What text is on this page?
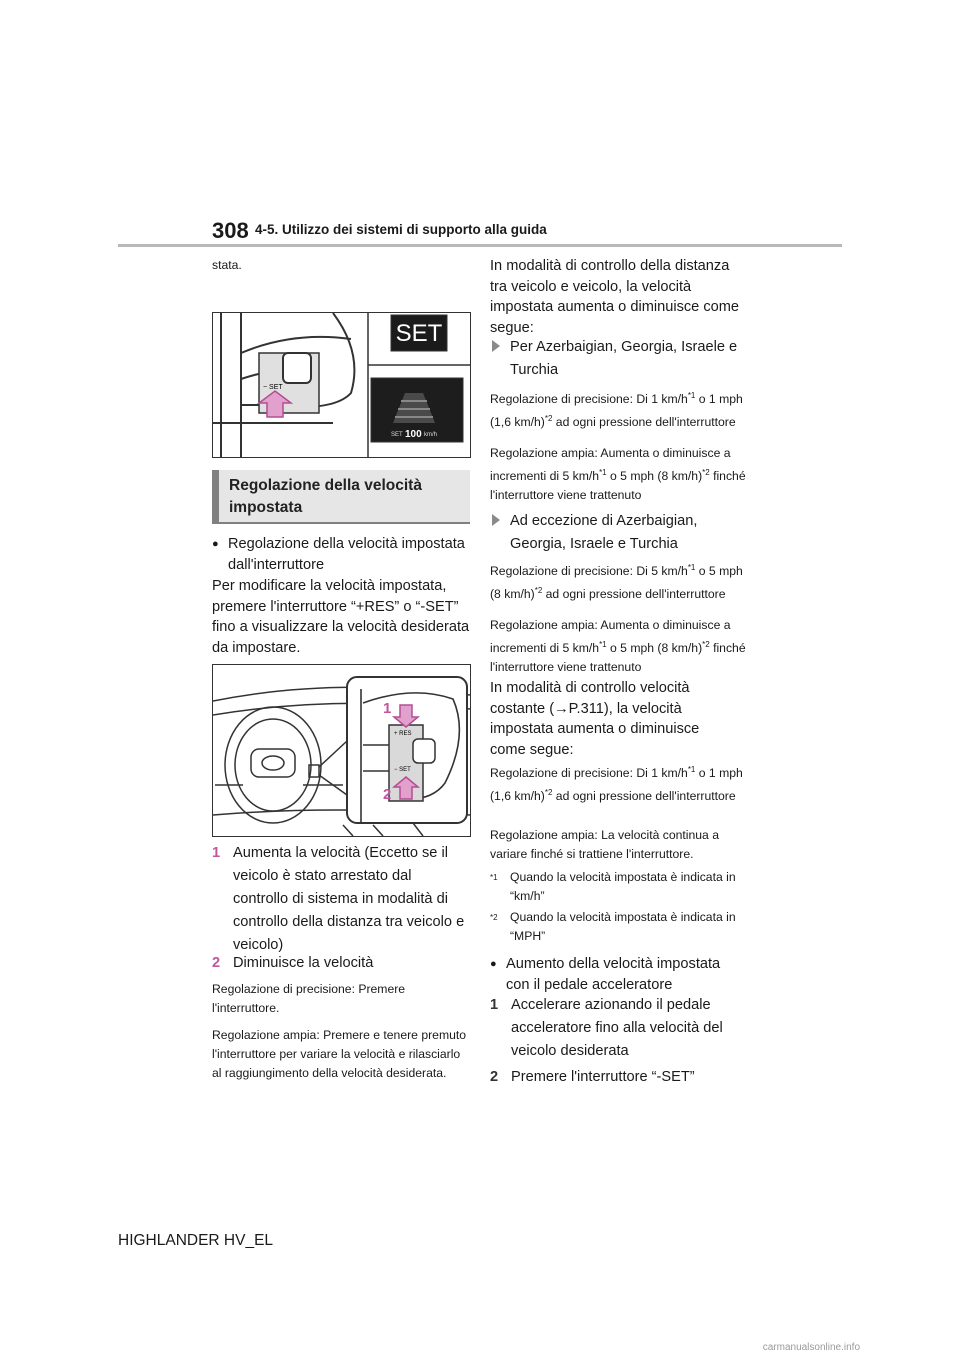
308 4-5. Utilizzo dei sistemi di supporto alla guida
stata.
− SET
SET
SET 100 km/h
Regolazione della velocità impostata
● Regolazione della velocità impostata dall'interruttore
Per modificare la velocità impostata, premere l'interruttore “+RES” o “-SET” fino a visualizzare la velocità desiderata da impostare.
+ RES
− SET
1
2
1 Aumenta la velocità (Eccetto se il veicolo è stato arrestato dal controllo di sistema in modalità di controllo della distanza tra veicolo e veicolo)
2 Diminuisce la velocità
Regolazione di precisione: Premere l'interruttore.
Regolazione ampia: Premere e tenere premuto l'interruttore per variare la velocità e rilasciarlo al raggiungimento della velocità desiderata.
In modalità di controllo della distanza tra veicolo e veicolo, la velocità impostata aumenta o diminuisce come segue:
Per Azerbaigian, Georgia, Israele e Turchia
Regolazione di precisione: Di 1 $km/h^{*1}$ o 1 mph (1,6 km/h)$^{*2}$ ad ogni pressione dell'interruttore
Regolazione ampia: Aumenta o diminuisce a incrementi di 5 $km/h^{*1}$ o 5 mph (8 km/h)$^{*2}$ finché l'interruttore viene trattenuto
Ad eccezione di Azerbaigian, Georgia, Israele e Turchia
Regolazione di precisione: Di 5 $km/h^{*1}$ o 5 mph (8 km/h)$^{*2}$ ad ogni pressione dell'interruttore
Regolazione ampia: Aumenta o diminuisce a incrementi di 5 $km/h^{*1}$ o 5 mph (8 km/h)$^{*2}$ finché l'interruttore viene trattenuto
In modalità di controllo velocità costante (→P.311), la velocità impostata aumenta o diminuisce come segue:
Regolazione di precisione: Di 1 $km/h^{*1}$ o 1 mph (1,6 km/h)$^{*2}$ ad ogni pressione dell'interruttore
Regolazione ampia: La velocità continua a variare finché si trattiene l'interruttore.
*1	Quando la velocità impostata è indicata in “km/h”
*2	Quando la velocità impostata è indicata in “MPH”
● Aumento della velocità impostata con il pedale acceleratore
1 Accelerare azionando il pedale acceleratore fino alla velocità del veicolo desiderata
2 Premere l'interruttore “-SET”
HIGHLANDER HV_EL
carmanualsonline.info
